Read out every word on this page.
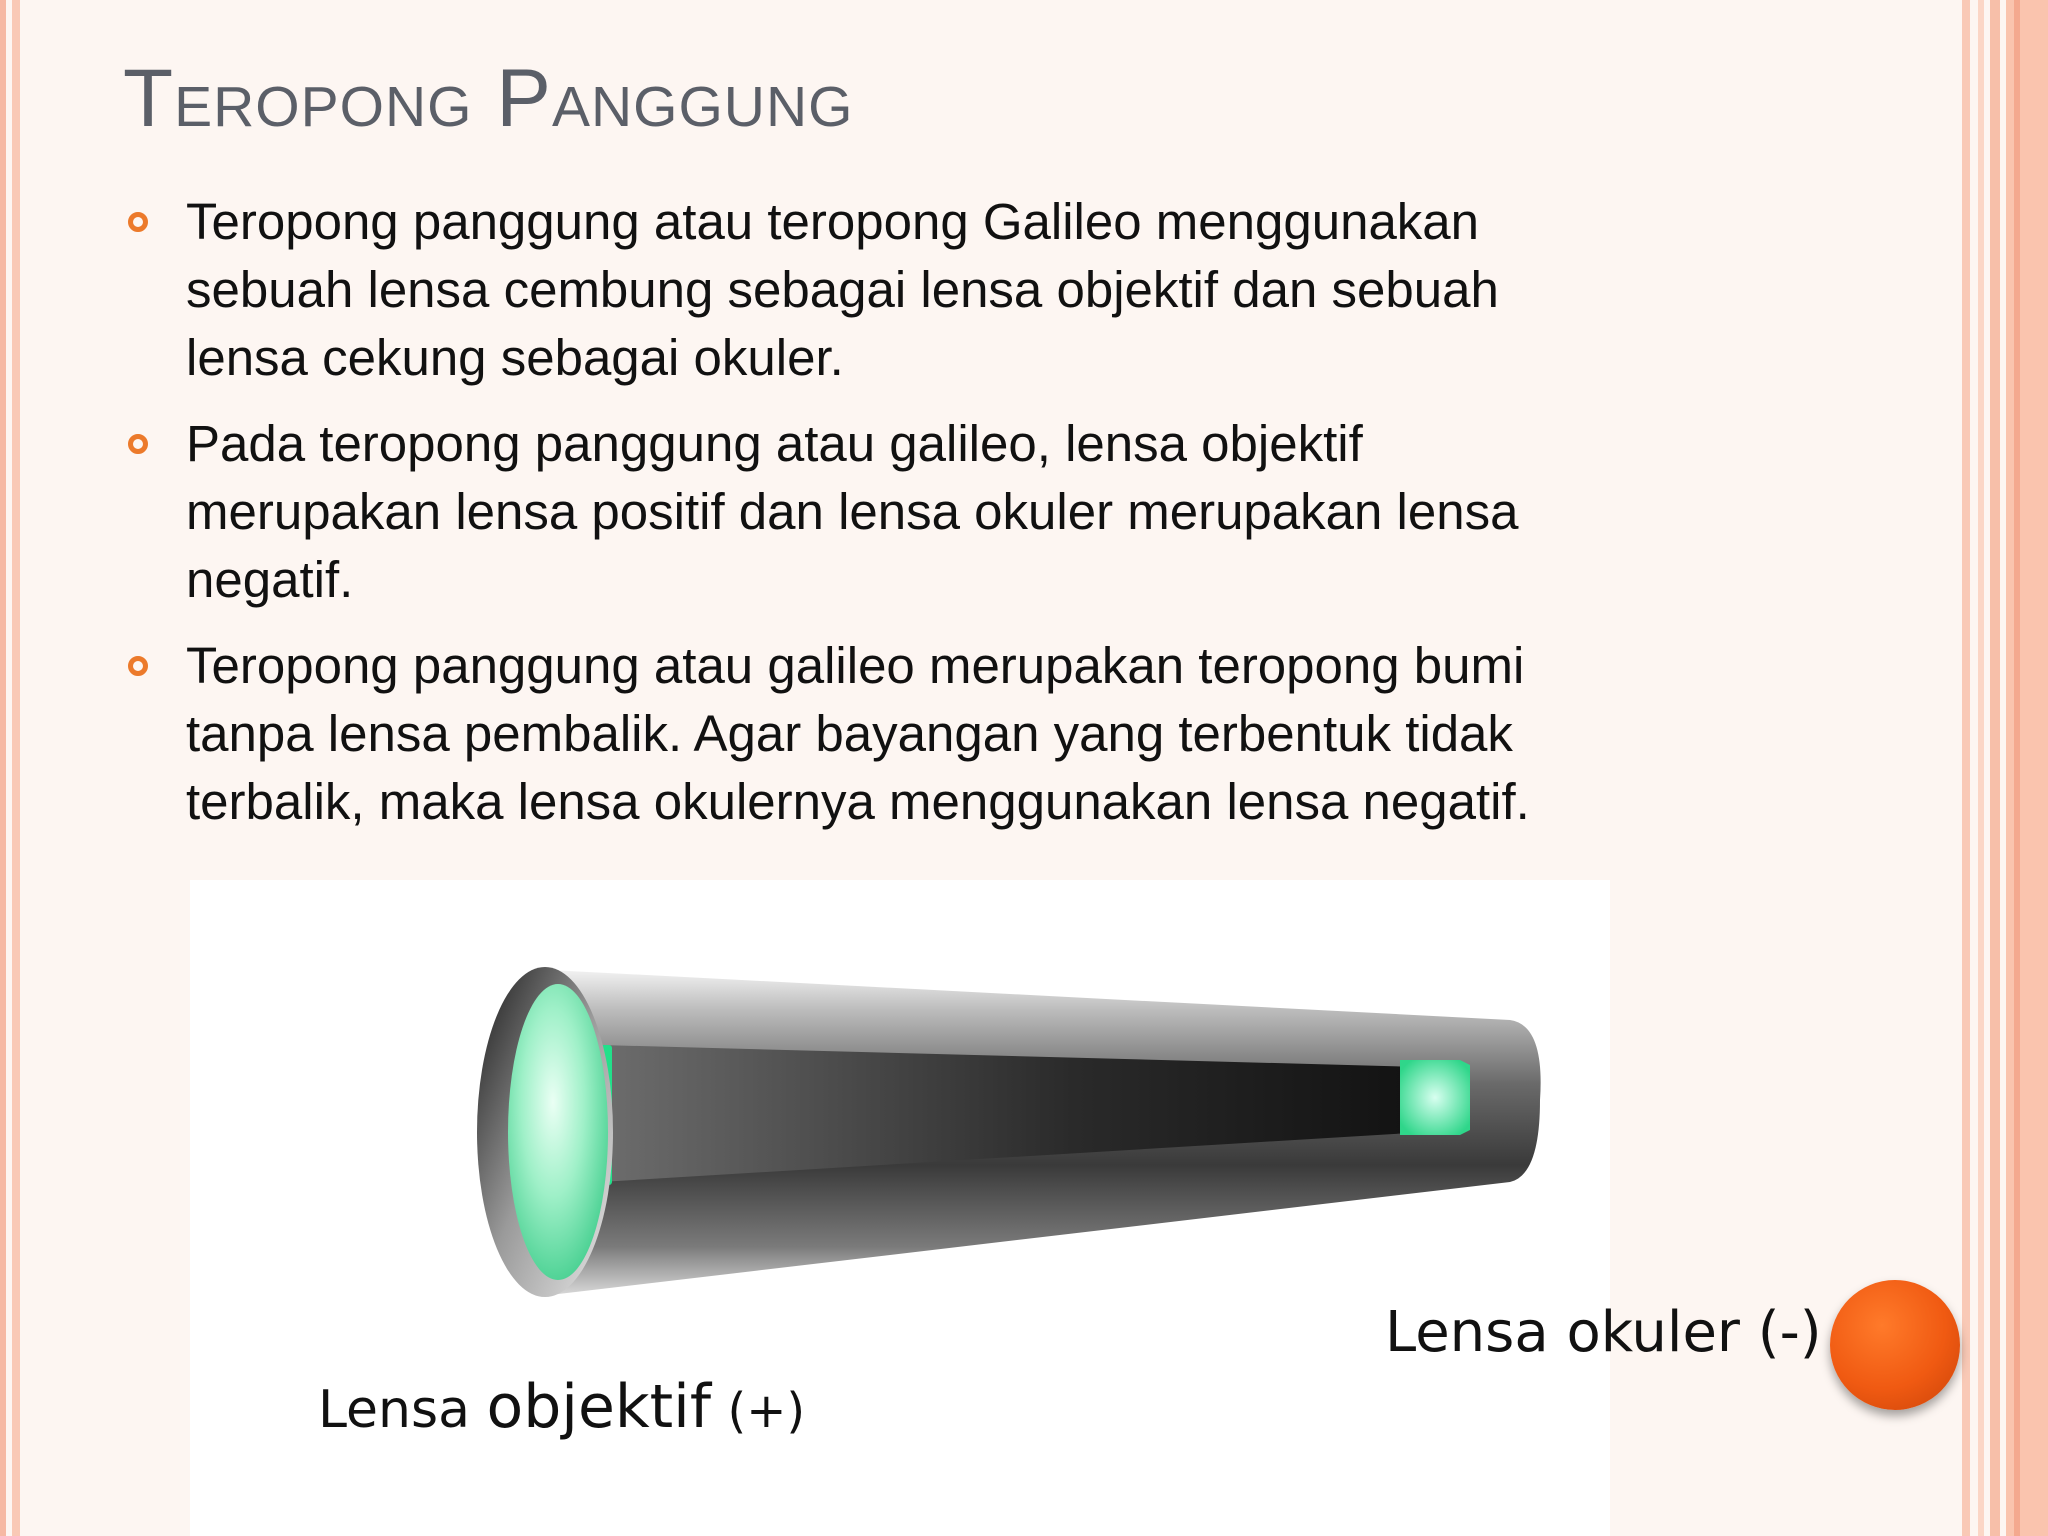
Teropong Panggung
Teropong panggung atau teropong Galileo menggunakan
sebuah lensa cembung sebagai lensa objektif dan sebuah
lensa cekung sebagai okuler.
Pada teropong panggung atau galileo, lensa objektif
merupakan lensa positif dan lensa okuler merupakan lensa
negatif.
Teropong panggung atau galileo merupakan teropong bumi
tanpa lensa pembalik. Agar bayangan yang terbentuk tidak
terbalik, maka lensa okulernya menggunakan lensa negatif.
Lensa okuler (-)
Lensa objektif (+)
